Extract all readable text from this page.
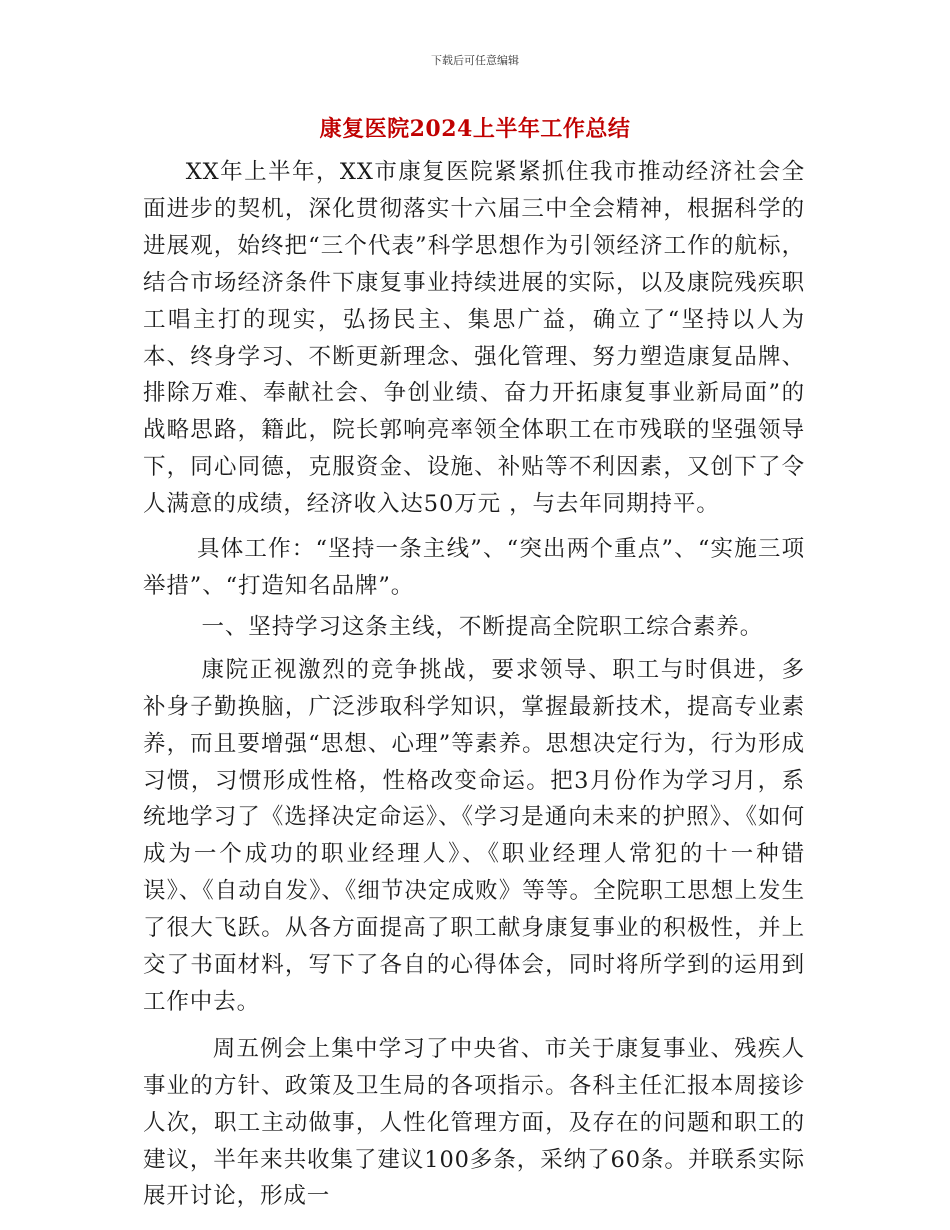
下载后可任意编辑
康复医院2024上半年工作总结

XX年上半年，XX市康复医院紧紧抓住我市推动经济社会全面进步的契机，深化贯彻落实十六届三中全会精神，根据科学的进展观，始终把“三个代表”科学思想作为引领经济工作的航标，结合市场经济条件下康复事业持续进展的实际，以及康院残疾职工唱主打的现实，弘扬民主、集思广益，确立了“坚持以人为本、终身学习、不断更新理念、强化管理、努力塑造康复品牌、排除万难、奉献社会、争创业绩、奋力开拓康复事业新局面”的战略思路，籍此，院长郭响亮率领全体职工在市残联的坚强领导下，同心同德，克服资金、设施、补贴等不利因素，又创下了令人满意的成绩，经济收入达50万元 ，与去年同期持平。

具体工作：“坚持一条主线”、“突出两个重点”、“实施三项举措”、“打造知名品牌”。

一、坚持学习这条主线，不断提高全院职工综合素养。

康院正视激烈的竞争挑战，要求领导、职工与时俱进，多补身子勤换脑，广泛涉取科学知识，掌握最新技术，提高专业素养，而且要增强“思想、心理”等素养。思想决定行为，行为形成习惯，习惯形成性格，性格改变命运。把3月份作为学习月，系统地学习了《选择决定命运》、《学习是通向未来的护照》、《如何成为一个成功的职业经理人》、《职业经理人常犯的十一种错误》、《自动自发》、《细节决定成败》等等。全院职工思想上发生了很大飞跃。从各方面提高了职工献身康复事业的积极性，并上交了书面材料，写下了各自的心得体会，同时将所学到的运用到工作中去。

周五例会上集中学习了中央省、市关于康复事业、残疾人事业的方针、政策及卫生局的各项指示。各科主任汇报本周接诊人次，职工主动做事，人性化管理方面，及存在的问题和职工的建议，半年来共收集了建议100多条，采纳了60条。并联系实际展开讨论，形成一
